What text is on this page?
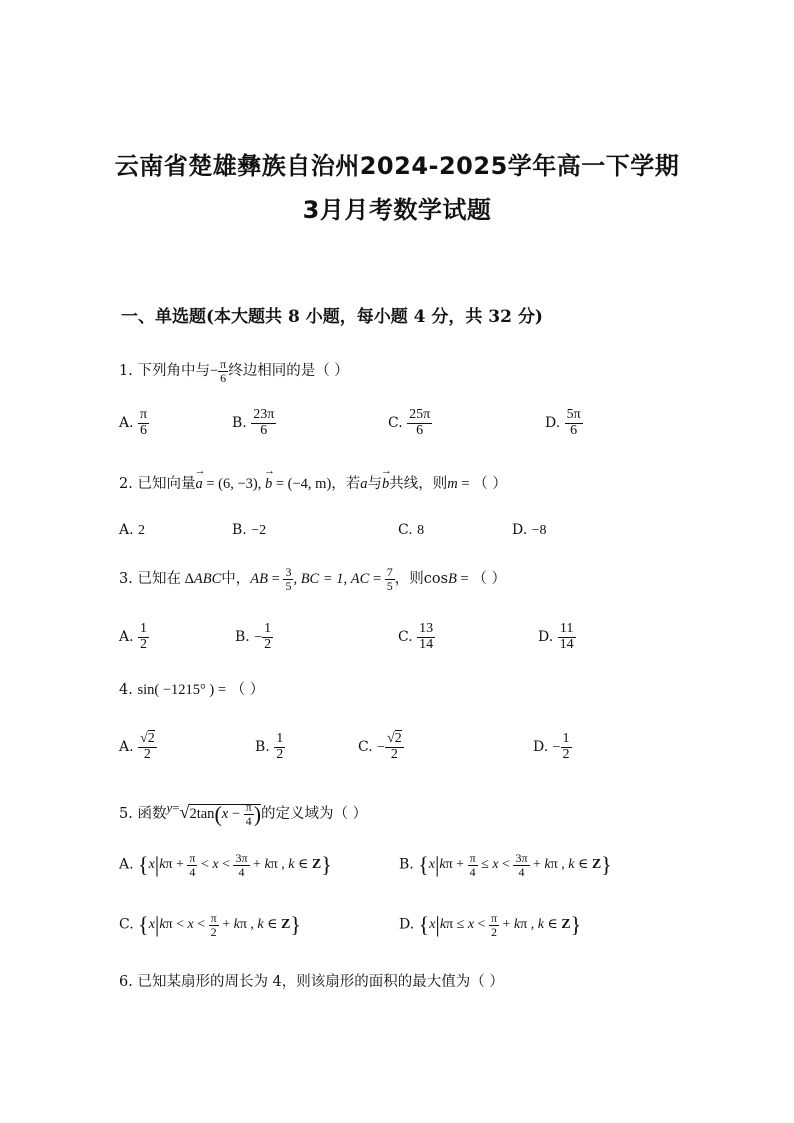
云南省楚雄彝族自治州2024-2025学年高一下学期
3月月考数学试题
一、单选题(本大题共 8 小题，每小题 4 分，共 32 分)
1. 下列角中与− $\frac{\pi}{6}$ 终边相同的是（ ）
A. $\frac{\pi}{6}$	B. $\frac{23\pi}{6}$	C. $\frac{25\pi}{6}$	D. $\frac{5\pi}{6}$
2. 已知向量→ a = (6, −3), → b = (−4, m)，若a与→ b共线，则m = （ ）
A. 2	B. −2	C. 8	D. −8
3. 已知在 ΔABC中，AB = $\frac{3}{5}$ , BC = 1, AC = $\frac{7}{5}$ ，则cosB = （ ）
A. $\frac{1}{2}$	B. − $\frac{1}{2}$	C. $\frac{13}{14}$	D. $\frac{11}{14}$
4. sin( −1215° ) = （ ）
A. $\frac{√2}{2}$	B. $\frac{1}{2}$	C. − $\frac{√2}{2}$	D. − $\frac{1}{2}$
5. 函数$y=√2\tan(x - \frac{\pi}{4}$ )的定义域为（ ）
A. {$x|k\pi + \frac{\pi}{4} < x < \frac{3\pi}{4} + k\pi$ , k ∈ Z}	B. {$x|k\pi + \frac{\pi}{4} \le x < \frac{3\pi}{4} + k\pi$ , k ∈ Z}
C. {$x|k\pi < x < \frac{\pi}{2} + k\pi$ , k ∈ Z}	D. {$x|k\pi \le x < \frac{\pi}{2} + k\pi$ , k ∈ Z}
6. 已知某扇形的周长为 4，则该扇形的面积的最大值为（ ）
